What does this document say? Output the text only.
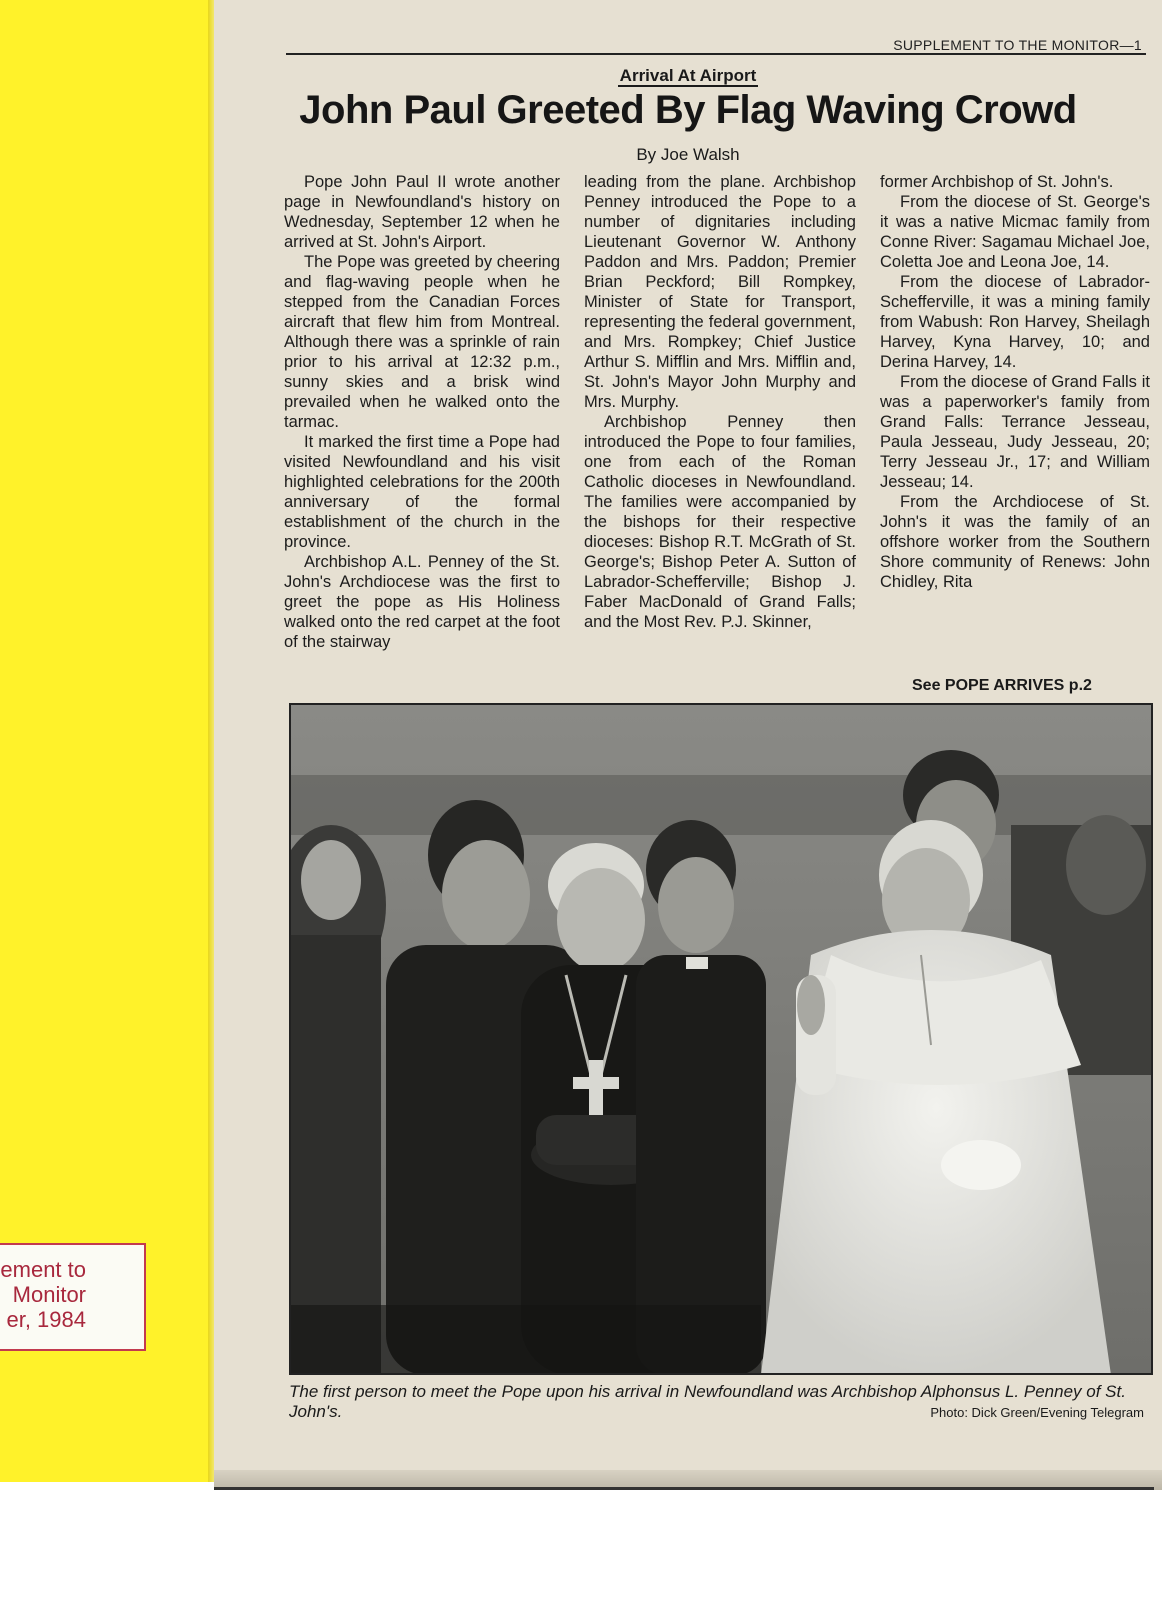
ement to
Monitor
er, 1984
SUPPLEMENT TO THE MONITOR—1
Arrival At Airport
John Paul Greeted By Flag Waving Crowd
By Joe Walsh

Pope John Paul II wrote another page in Newfoundland's history on Wednesday, September 12 when he arrived at St. John's Airport.

The Pope was greeted by cheering and flag-waving people when he stepped from the Canadian Forces aircraft that flew him from Montreal. Although there was a sprinkle of rain prior to his arrival at 12:32 p.m., sunny skies and a brisk wind prevailed when he walked onto the tarmac.

It marked the first time a Pope had visited Newfoundland and his visit highlighted celebrations for the 200th anniversary of the formal establishment of the church in the province.

Archbishop A.L. Penney of the St. John's Archdiocese was the first to greet the pope as His Holiness walked onto the red carpet at the foot of the stairway

leading from the plane. Archbishop Penney introduced the Pope to a number of dignitaries including Lieutenant Governor W. Anthony Paddon and Mrs. Paddon; Premier Brian Peckford; Bill Rompkey, Minister of State for Transport, representing the federal government, and Mrs. Rompkey; Chief Justice Arthur S. Mifflin and Mrs. Mifflin and, St. John's Mayor John Murphy and Mrs. Murphy.

Archbishop Penney then introduced the Pope to four families, one from each of the Roman Catholic dioceses in Newfoundland. The families were accompanied by the bishops for their respective dioceses: Bishop R.T. McGrath of St. George's; Bishop Peter A. Sutton of Labrador-Schefferville; Bishop J. Faber MacDonald of Grand Falls; and the Most Rev. P.J. Skinner,

former Archbishop of St. John's.

From the diocese of St. George's it was a native Micmac family from Conne River: Sagamau Michael Joe, Coletta Joe and Leona Joe, 14.

From the diocese of Labrador-Schefferville, it was a mining family from Wabush: Ron Harvey, Sheilagh Harvey, Kyna Harvey, 10; and Derina Harvey, 14.

From the diocese of Grand Falls it was a paperworker's family from Grand Falls: Terrance Jesseau, Paula Jesseau, Judy Jesseau, 20; Terry Jesseau Jr., 17; and William Jesseau; 14.

From the Archdiocese of St. John's it was the family of an offshore worker from the Southern Shore community of Renews: John Chidley, Rita

See POPE ARRIVES p.2
The first person to meet the Pope upon his arrival in Newfoundland was Archbishop Alphonsus L. Penney of St. John's.	Photo: Dick Green/Evening Telegram
